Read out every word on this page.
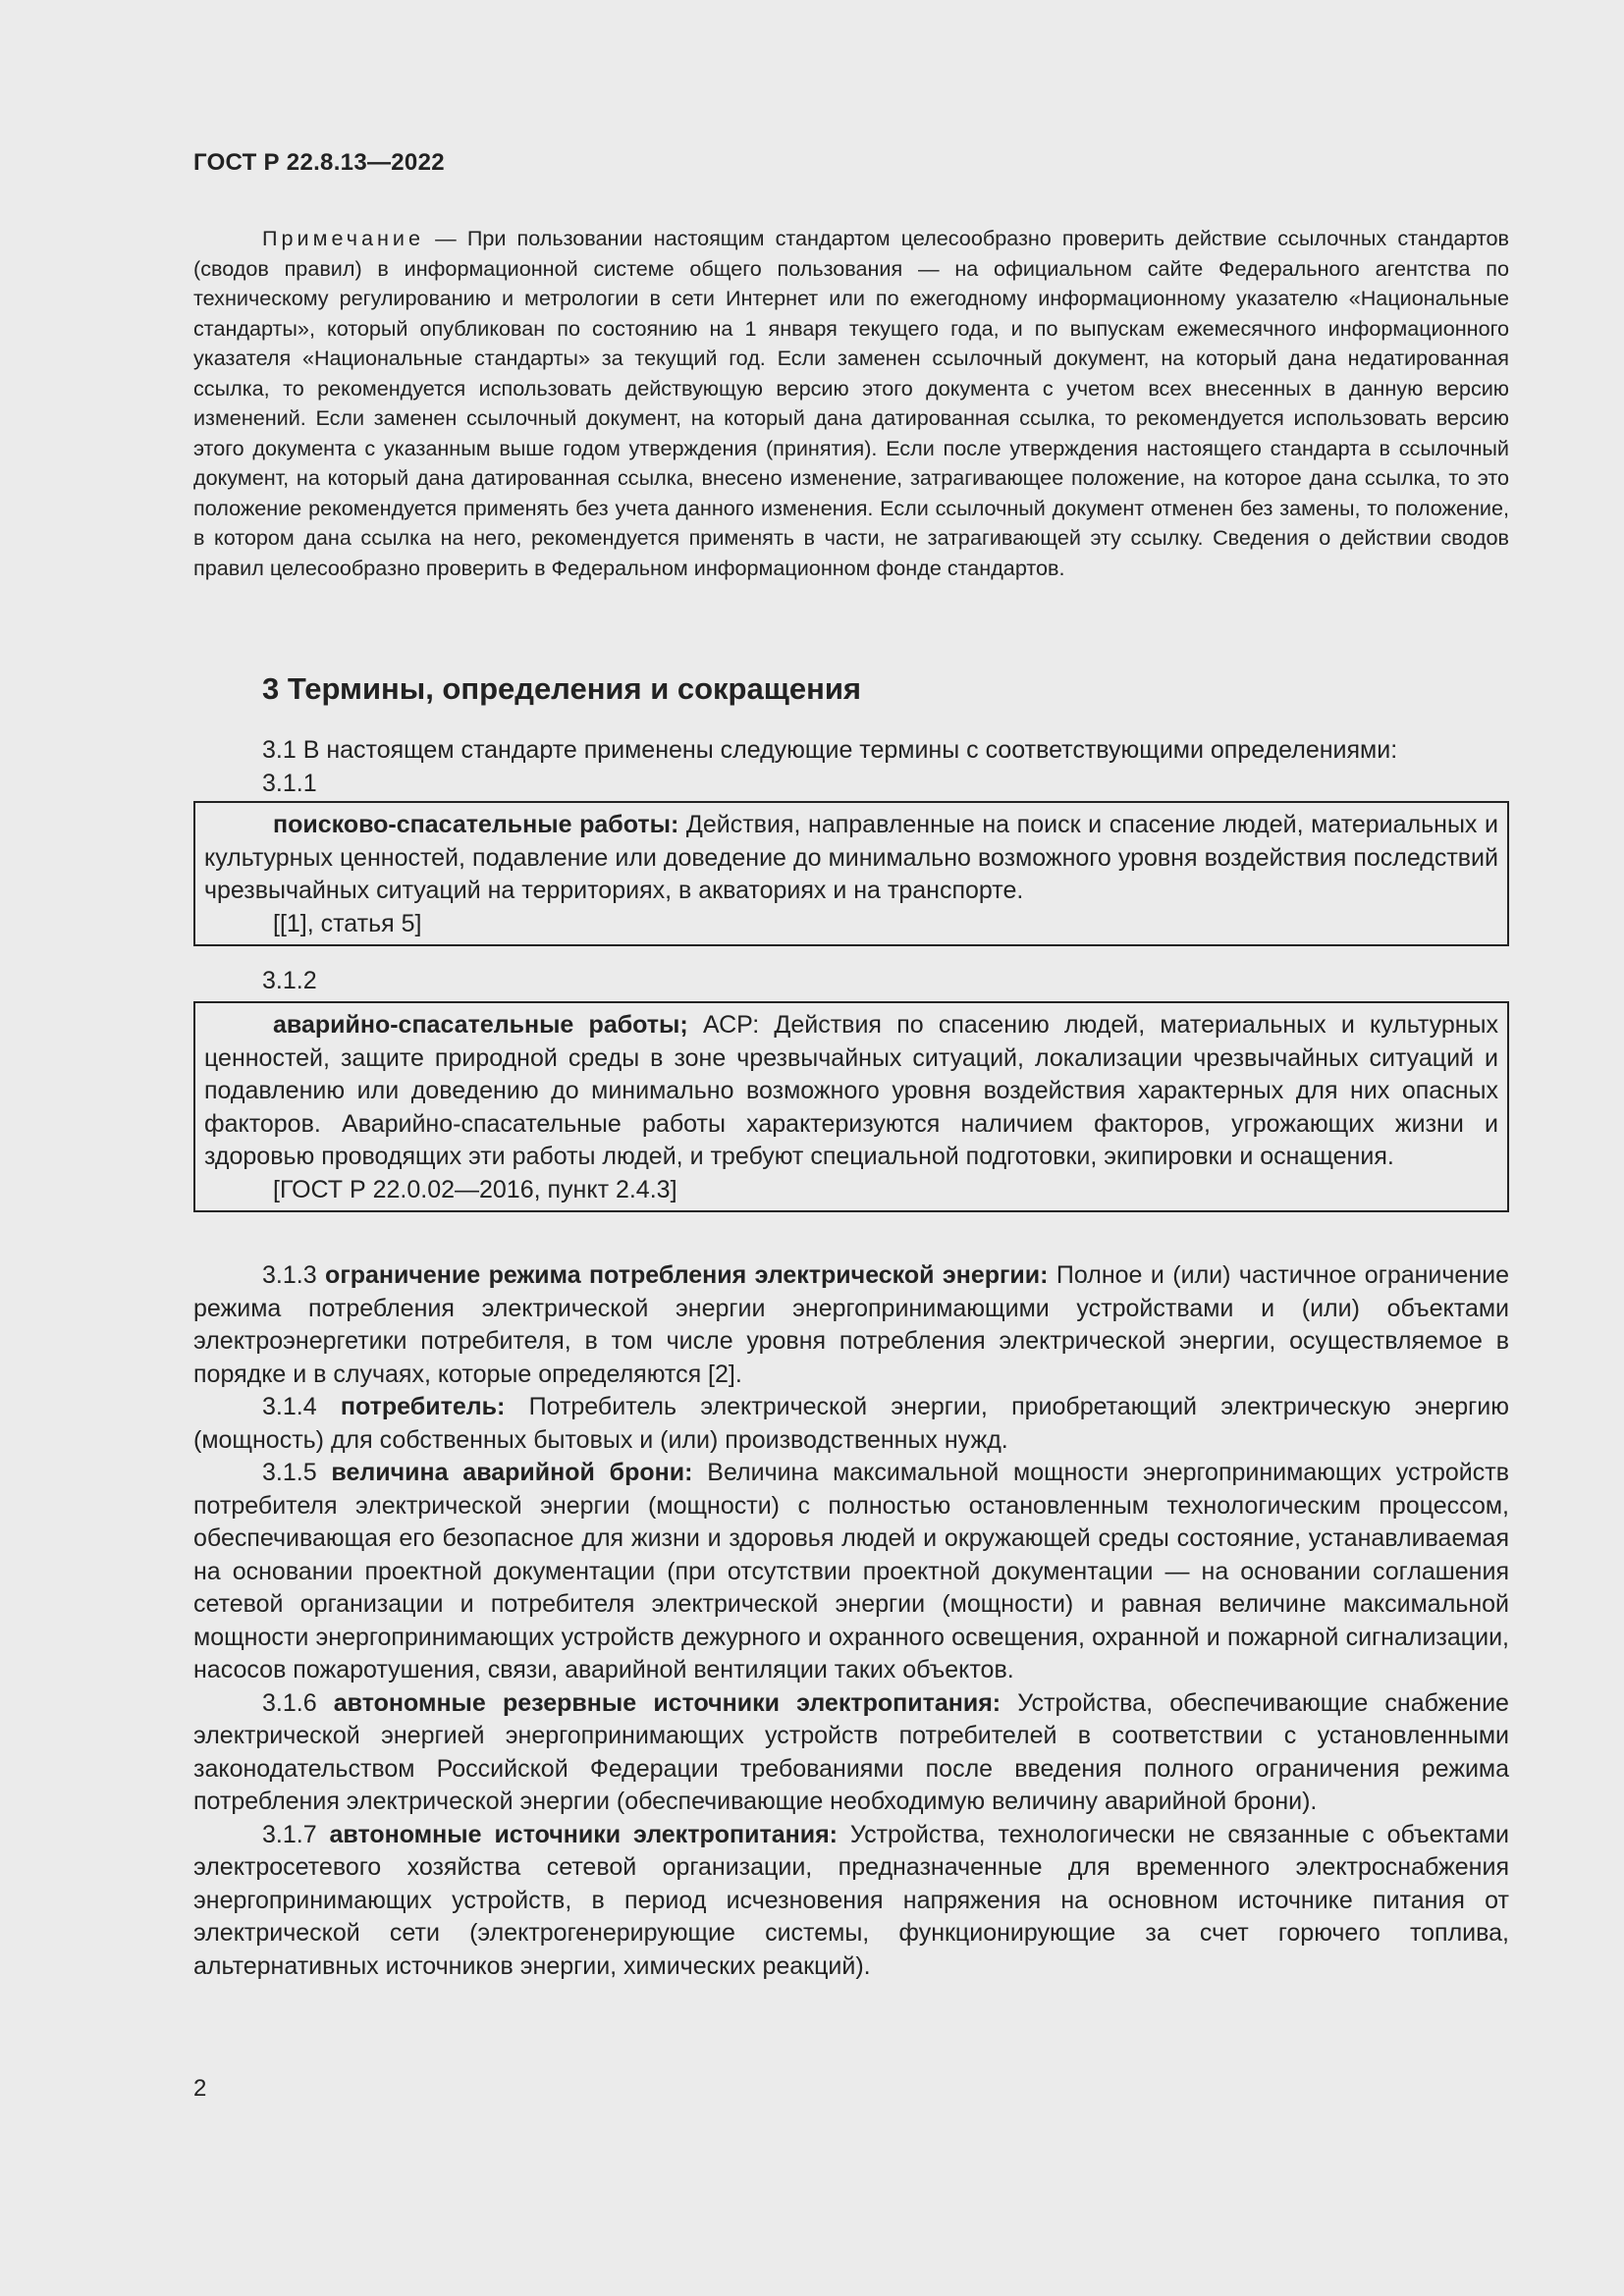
ГОСТ Р 22.8.13—2022
Примечание — При пользовании настоящим стандартом целесообразно проверить действие ссылочных стандартов (сводов правил) в информационной системе общего пользования — на официальном сайте Федерального агентства по техническому регулированию и метрологии в сети Интернет или по ежегодному информационному указателю «Национальные стандарты», который опубликован по состоянию на 1 января текущего года, и по выпускам ежемесячного информационного указателя «Национальные стандарты» за текущий год. Если заменен ссылочный документ, на который дана недатированная ссылка, то рекомендуется использовать действующую версию этого документа с учетом всех внесенных в данную версию изменений. Если заменен ссылочный документ, на который дана датированная ссылка, то рекомендуется использовать версию этого документа с указанным выше годом утверждения (принятия). Если после утверждения настоящего стандарта в ссылочный документ, на который дана датированная ссылка, внесено изменение, затрагивающее положение, на которое дана ссылка, то это положение рекомендуется применять без учета данного изменения. Если ссылочный документ отменен без замены, то положение, в котором дана ссылка на него, рекомендуется применять в части, не затрагивающей эту ссылку. Сведения о действии сводов правил целесообразно проверить в Федеральном информационном фонде стандартов.
3 Термины, определения и сокращения

3.1 В настоящем стандарте применены следующие термины с соответствующими определениями:

3.1.1

поисково-спасательные работы: Действия, направленные на поиск и спасение людей, материальных и культурных ценностей, подавление или доведение до минимально возможного уровня воздействия последствий чрезвычайных ситуаций на территориях, в акваториях и на транспорте.

[[1], статья 5]

3.1.2

аварийно-спасательные работы; АСР: Действия по спасению людей, материальных и культурных ценностей, защите природной среды в зоне чрезвычайных ситуаций, локализации чрезвычайных ситуаций и подавлению или доведению до минимально возможного уровня воздействия характерных для них опасных факторов. Аварийно-спасательные работы характеризуются наличием факторов, угрожающих жизни и здоровью проводящих эти работы людей, и требуют специальной подготовки, экипировки и оснащения.

[ГОСТ Р 22.0.02—2016, пункт 2.4.3]

3.1.3 ограничение режима потребления электрической энергии: Полное и (или) частичное ограничение режима потребления электрической энергии энергопринимающими устройствами и (или) объектами электроэнергетики потребителя, в том числе уровня потребления электрической энергии, осуществляемое в порядке и в случаях, которые определяются [2].

3.1.4 потребитель: Потребитель электрической энергии, приобретающий электрическую энергию (мощность) для собственных бытовых и (или) производственных нужд.

3.1.5 величина аварийной брони: Величина максимальной мощности энергопринимающих устройств потребителя электрической энергии (мощности) с полностью остановленным технологическим процессом, обеспечивающая его безопасное для жизни и здоровья людей и окружающей среды состояние, устанавливаемая на основании проектной документации (при отсутствии проектной документации — на основании соглашения сетевой организации и потребителя электрической энергии (мощности) и равная величине максимальной мощности энергопринимающих устройств дежурного и охранного освещения, охранной и пожарной сигнализации, насосов пожаротушения, связи, аварийной вентиляции таких объектов.

3.1.6 автономные резервные источники электропитания: Устройства, обеспечивающие снабжение электрической энергией энергопринимающих устройств потребителей в соответствии с установленными законодательством Российской Федерации требованиями после введения полного ограничения режима потребления электрической энергии (обеспечивающие необходимую величину аварийной брони).

3.1.7 автономные источники электропитания: Устройства, технологически не связанные с объектами электросетевого хозяйства сетевой организации, предназначенные для временного электроснабжения энергопринимающих устройств, в период исчезновения напряжения на основном источнике питания от электрической сети (электрогенерирующие системы, функционирующие за счет горючего топлива, альтернативных источников энергии, химических реакций).

2
